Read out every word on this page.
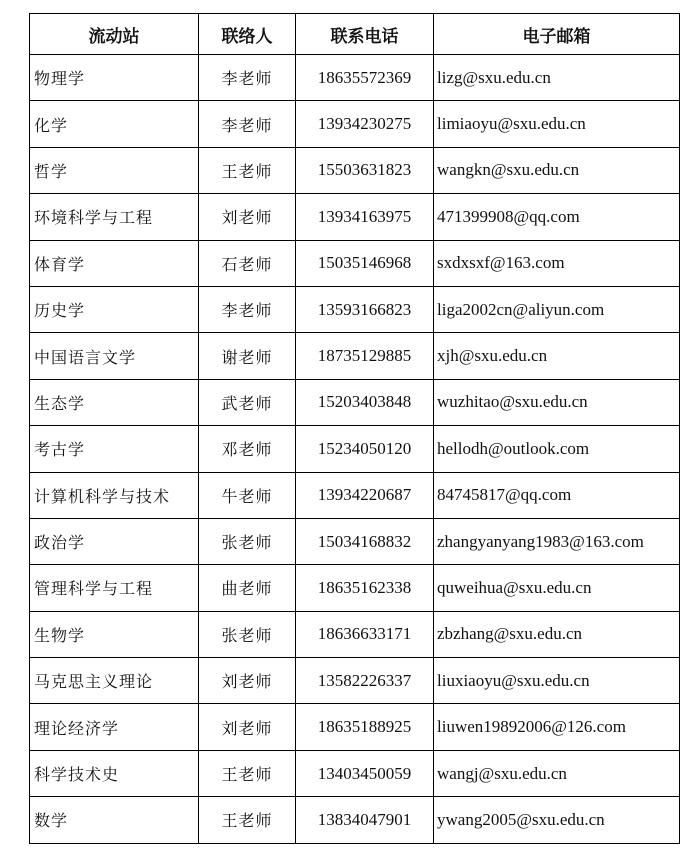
流动站	联络人	联系电话	电子邮箱
物理学	李老师	18635572369	lizg@sxu.edu.cn
化学	李老师	13934230275	limiaoyu@sxu.edu.cn
哲学	王老师	15503631823	wangkn@sxu.edu.cn
环境科学与工程	刘老师	13934163975	471399908@qq.com
体育学	石老师	15035146968	sxdxsxf@163.com
历史学	李老师	13593166823	liga2002cn@aliyun.com
中国语言文学	谢老师	18735129885	xjh@sxu.edu.cn
生态学	武老师	15203403848	wuzhitao@sxu.edu.cn
考古学	邓老师	15234050120	hellodh@outlook.com
计算机科学与技术	牛老师	13934220687	84745817@qq.com
政治学	张老师	15034168832	zhangyanyang1983@163.com
管理科学与工程	曲老师	18635162338	quweihua@sxu.edu.cn
生物学	张老师	18636633171	zbzhang@sxu.edu.cn
马克思主义理论	刘老师	13582226337	liuxiaoyu@sxu.edu.cn
理论经济学	刘老师	18635188925	liuwen19892006@126.com
科学技术史	王老师	13403450059	wangj@sxu.edu.cn
数学	王老师	13834047901	ywang2005@sxu.edu.cn
